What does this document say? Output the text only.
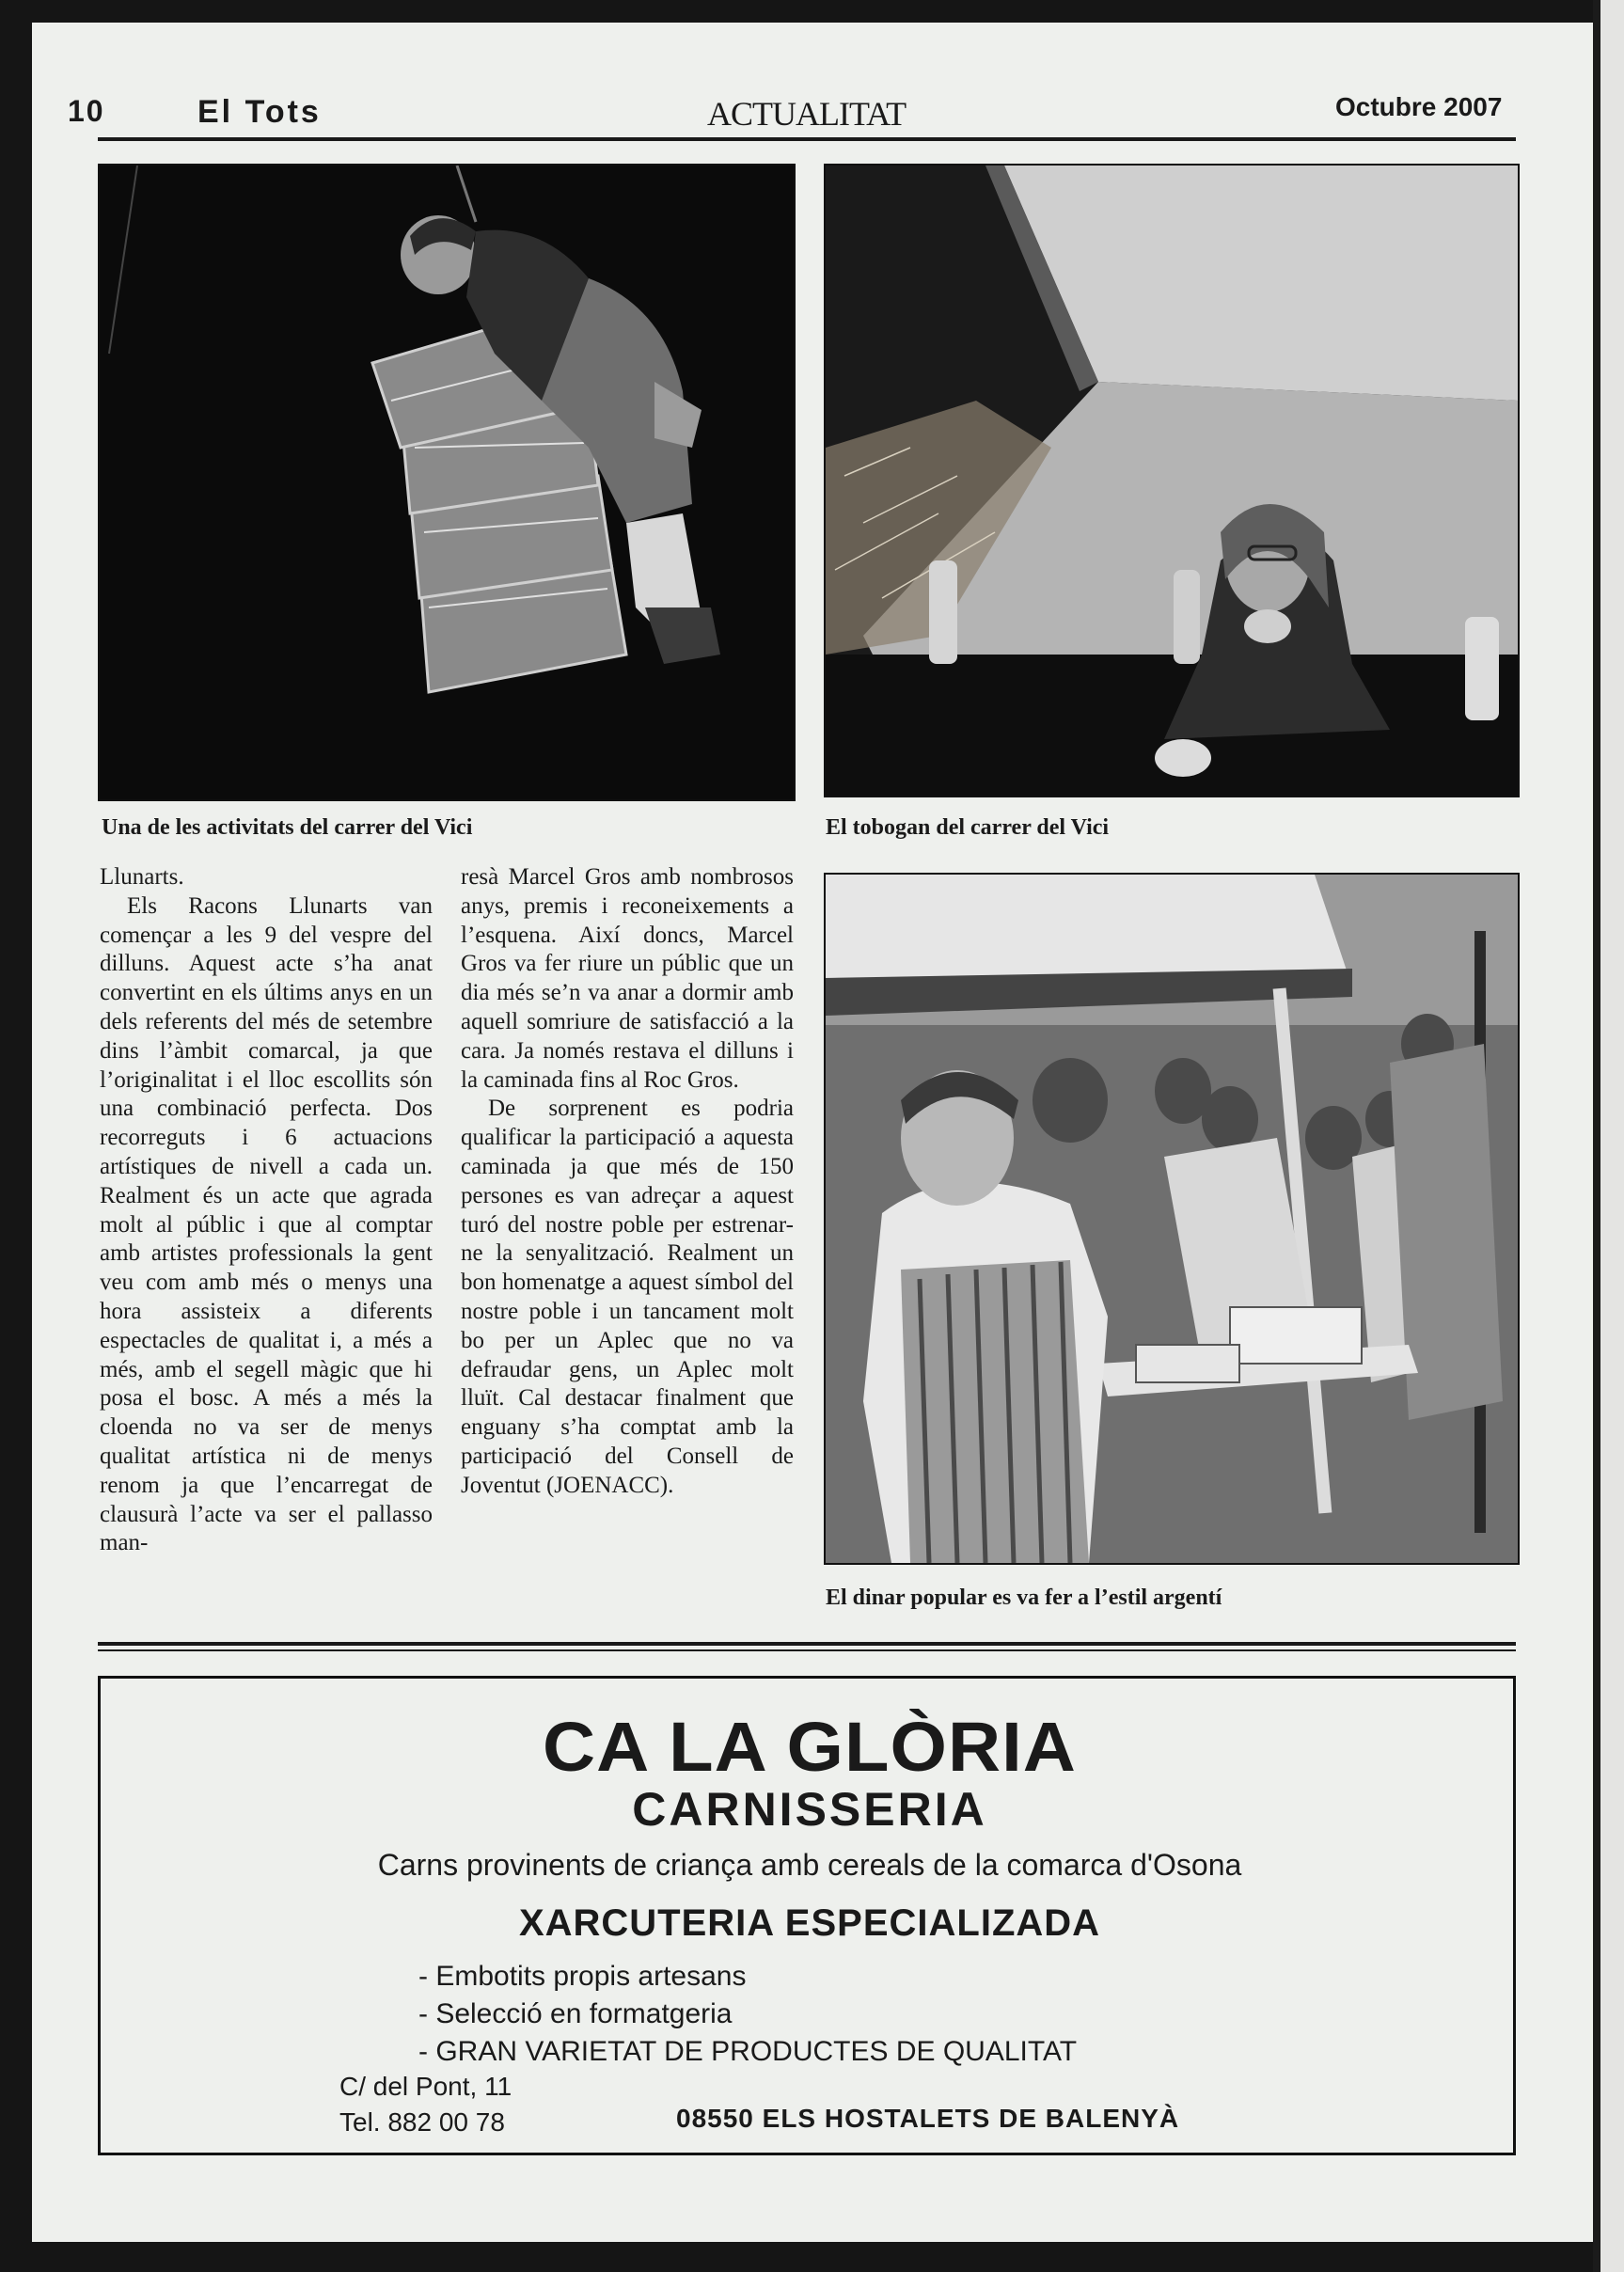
10	El Tots	ACTUALITAT	Octubre 2007
Una de les activitats del carrer del Vici	El tobogan del carrer del Vici

Llunarts.

Els Racons Llunarts van començar a les 9 del vespre del dilluns. Aquest acte s’ha anat convertint en els últims anys en un dels referents del més de setembre dins l’àmbit comarcal, ja que l’originalitat i el lloc escollits són una combinació perfecta. Dos recorreguts i 6 actuacions artístiques de nivell a cada un. Realment és un acte que agrada molt al públic i que al comptar amb artistes professionals la gent veu com amb més o menys una hora assisteix a diferents espectacles de qualitat i, a més a més, amb el segell màgic que hi posa el bosc. A més a més la cloenda no va ser de menys qualitat artística ni de menys renom ja que l’encarregat de clausurà l’acte va ser el pallasso man-

resà Marcel Gros amb nombrosos anys, premis i reconeixements a l’esquena. Així doncs, Marcel Gros va fer riure un públic que un dia més se’n va anar a dormir amb aquell somriure de satisfacció a la cara. Ja només restava el dilluns i la caminada fins al Roc Gros.

De sorprenent es podria qualificar la participació a aquesta caminada ja que més de 150 persones es van adreçar a aquest turó del nostre poble per estrenar-ne la senyalització. Realment un bon homenatge a aquest símbol del nostre poble i un tancament molt bo per un Aplec que no va defraudar gens, un Aplec molt lluït. Cal destacar finalment que enguany s’ha comptat amb la participació del Consell de Joventut (JOENACC).

El dinar popular es va fer a l’estil argentí
CA LA GLÒRIA
CARNISSERIA
Carns provinents de criança amb cereals de la comarca d'Osona
XARCUTERIA ESPECIALIZADA
- Embotits propis artesans
- Selecció en formatgeria
- GRAN VARIETAT DE PRODUCTES DE QUALITAT
C/ del Pont, 11
Tel. 882 00 78	08550 ELS HOSTALETS DE BALENYÀ
